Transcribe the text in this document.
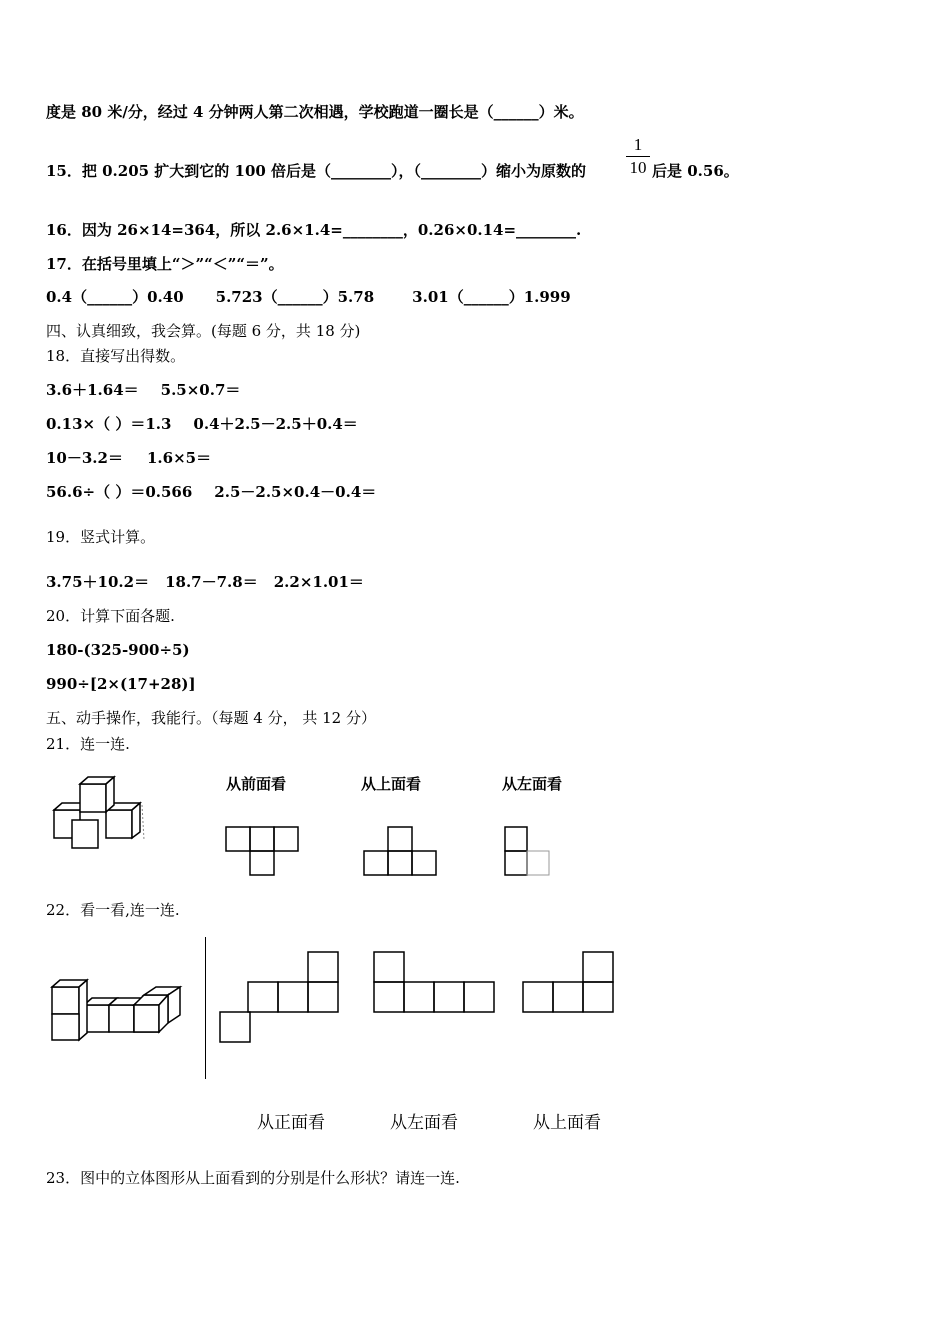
度是 80 米/分，经过 4 分钟两人第二次相遇，学校跑道一圈长是（______）米。
15．把 0.205 扩大到它的 100 倍后是（________），（________）缩小为原数的
1
10 后是 0.56。
16．因为 26×14=364，所以 2.6×1.4=________，0.26×0.14=________.
17．在括号里填上“＞”“＜”“＝”。
0.4（______）0.40 5.723（______）5.78	3.01（______）1.999
四、认真细致，我会算。(每题 6 分，共 18 分)
18．直接写出得数。
3.6＋1.64＝ 5.5×0.7＝
0.13×（ ）＝1.3 0.4＋2.5－2.5＋0.4＝
10－3.2＝ 1.6×5＝
56.6÷（ ）＝0.566 2.5－2.5×0.4－0.4＝
19．竖式计算。
3.75＋10.2＝ 18.7－7.8＝ 2.2×1.01＝
20．计算下面各题.
180-(325-900÷5)
990÷[2×(17+28)]
五、动手操作，我能行。（每题 4 分， 共 12 分）
21．连一连.
从前面看	从上面看	从左面看
22．看一看,连一连.
从正面看	从左面看	从上面看
23．图中的立体图形从上面看到的分别是什么形状？请连一连.
